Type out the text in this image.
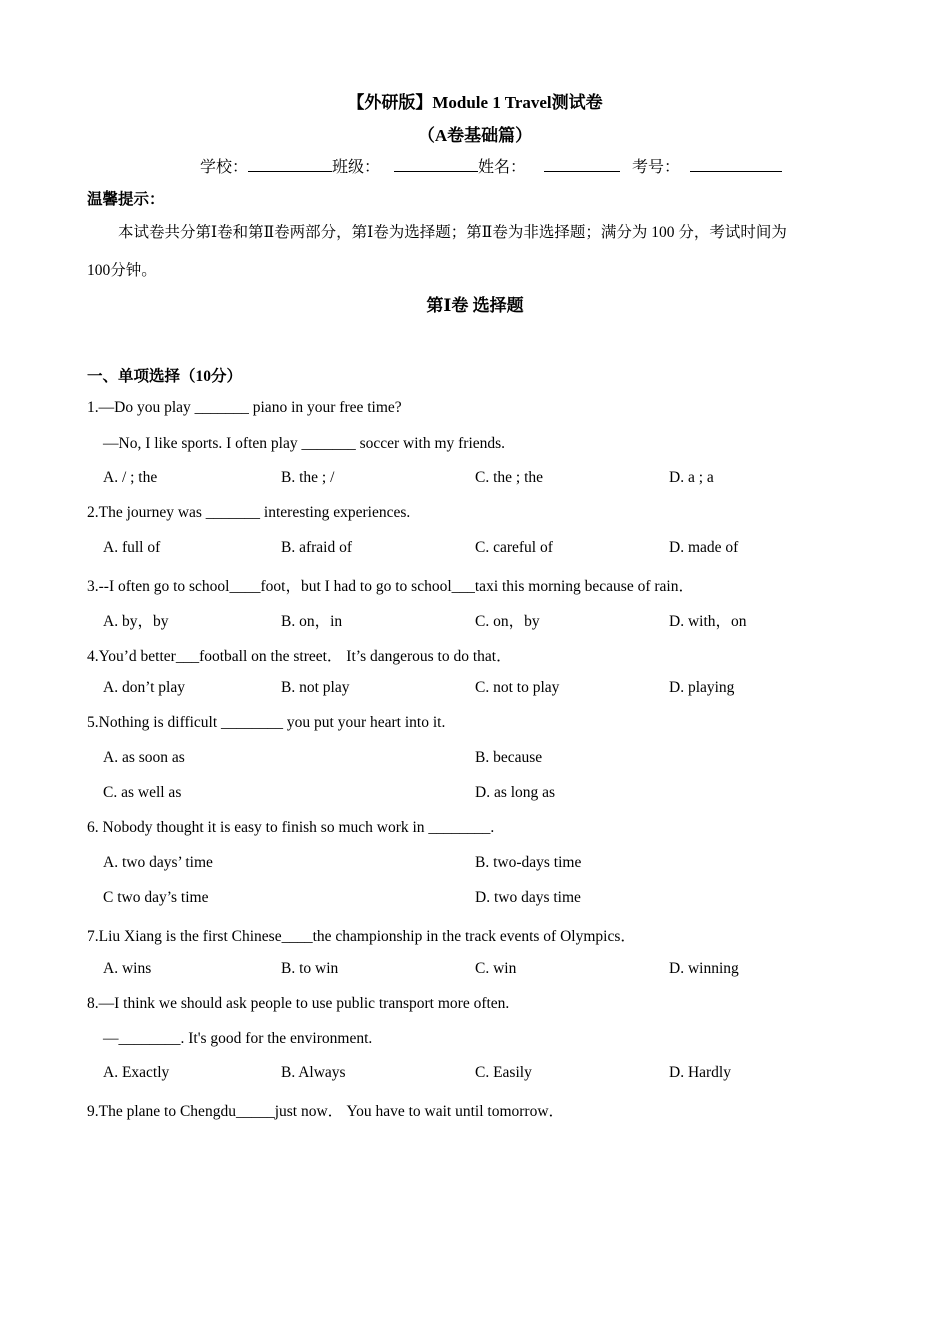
【外研版】Module 1 Travel测试卷
（A卷基础篇）
学校：	班级：	姓名：	考号：
温馨提示：
本试卷共分第Ⅰ卷和第Ⅱ卷两部分，第Ⅰ卷为选择题；第Ⅱ卷为非选择题；满分为 100 分，考试时间为
100分钟。
第Ⅰ卷 选择题
一、单项选择（10分）
1.—Do you play _______ piano in your free time?
—No, I like sports. I often play _______ soccer with my friends.
A. / ; the	B. the ; /	C. the ; the	D. a ; a
2.The journey was _______ interesting experiences.
A. full of	B. afraid of	C. careful of	D. made of
3.--I often go to school____foot，but I had to go to school___taxi this morning because of rain．
A. by，by	B. on，in	C. on，by	D. with，on
4.You’d better___football on the street． It’s dangerous to do that．
A. don’t play	B. not play	C. not to play	D. playing
5.Nothing is difficult ________ you put your heart into it.
A. as soon as	B. because
C. as well as	D. as long as
6. Nobody thought it is easy to finish so much work in ________.
A. two days’ time	B. two-days time
C two day’s time	D. two days time
7.Liu Xiang is the first Chinese____the championship in the track events of Olympics．
A. wins	B. to win	C. win	D. winning
8.—I think we should ask people to use public transport more often.
—________. It's good for the environment.
A. Exactly	B. Always	C. Easily	D. Hardly
9.The plane to Chengdu_____just now． You have to wait until tomorrow．
